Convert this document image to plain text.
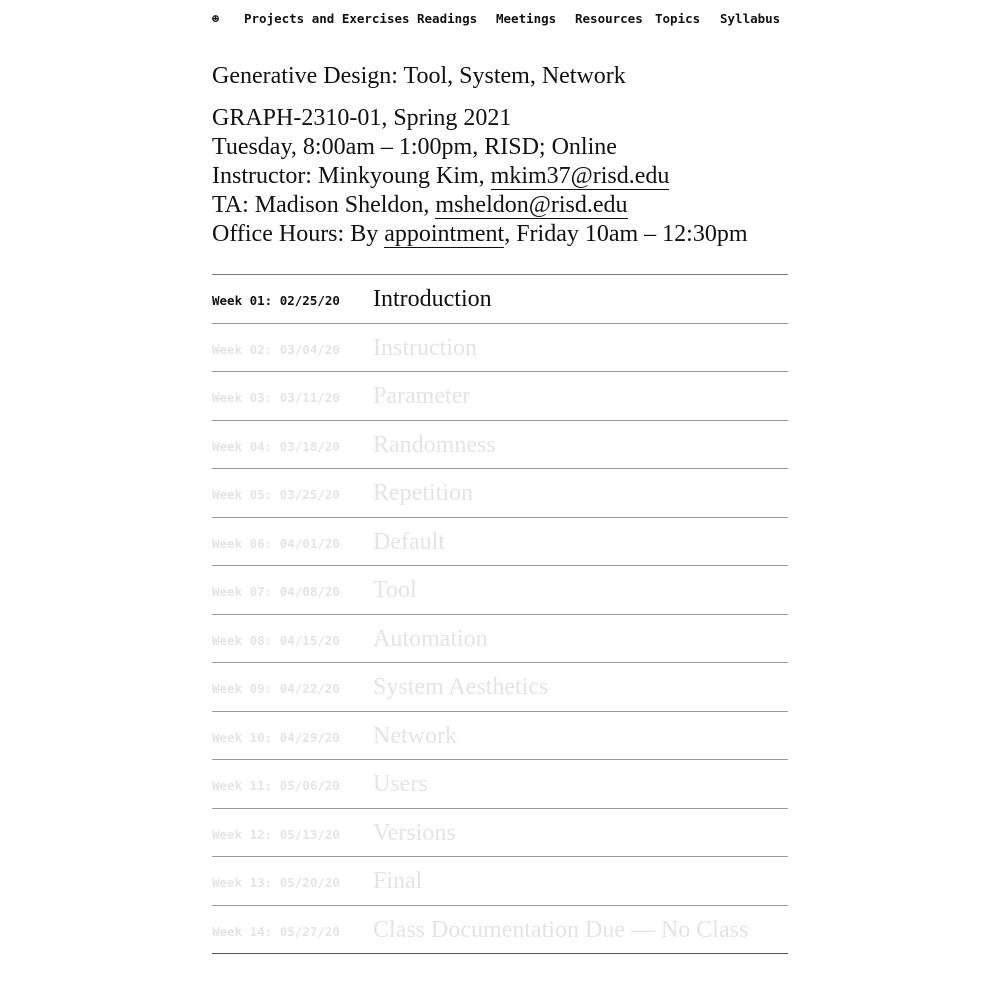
☻ Projects and Exercises Readings Meetings Resources Topics Syllabus
Generative Design: Tool, System, Network
GRAPH-2310-01, Spring 2021
Tuesday, 8:00am – 1:00pm, RISD; Online
Instructor: Minkyoung Kim, mkim37@risd.edu
TA: Madison Sheldon, msheldon@risd.edu
Office Hours: By appointment, Friday 10am – 12:30pm
Week 01: 02/25/20 Introduction
Week 02: 03/04/20 Instruction
Week 03: 03/11/20 Parameter
Week 04: 03/18/20 Randomness
Week 05: 03/25/20 Repetition
Week 06: 04/01/20 Default
Week 07: 04/08/20 Tool
Week 08: 04/15/20 Automation
Week 09: 04/22/20 System Aesthetics
Week 10: 04/29/20 Network
Week 11: 05/06/20 Users
Week 12: 05/13/20 Versions
Week 13: 05/20/20 Final
Week 14: 05/27/20 Class Documentation Due — No Class
